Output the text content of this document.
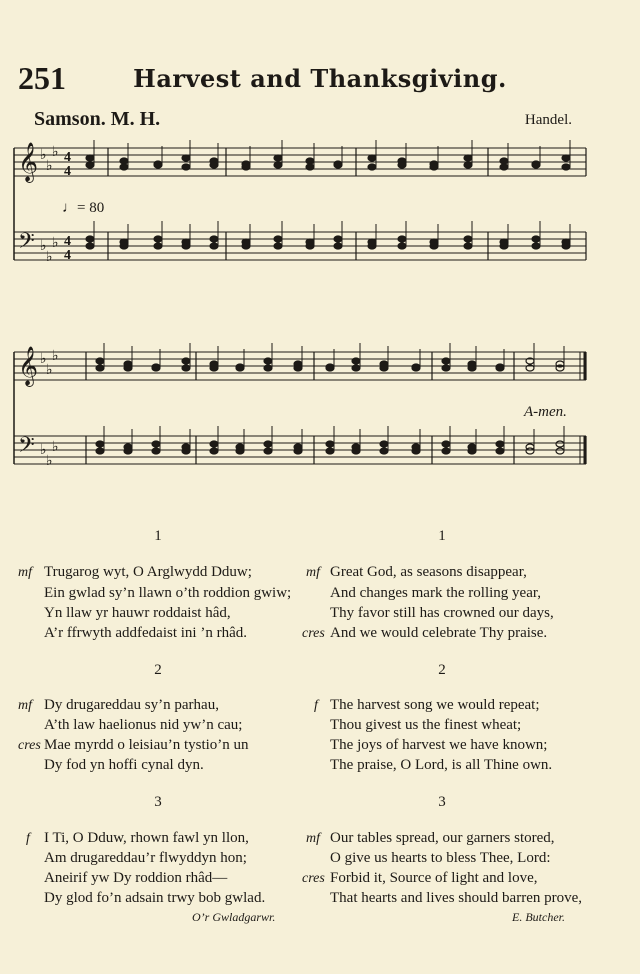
251	Harvest and Thanksgiving.
Samson. M. H.	Handel.
𝄞 ♭
♭
♭
𝄢 ♭
♭
♭
𝄞 ♭
♭
♭
𝄢 ♭
♭
♭
4
4
4
4
♩= 80
A-men.
1
mf Trugarog wyt, O Arglwydd Dduw;
Ein gwlad sy’n llawn o’th roddion gwiw;
Yn llaw yr hauwr roddaist hâd,
A’r ffrwyth addfedaist ini ’n rhâd.
2
mf Dy drugareddau sy’n parhau,
A’th law haelionus nid yw’n cau;
cres Mae myrdd o leisiau’n tystio’n un
Dy fod yn hoffi cynal dyn.
3
f I Ti, O Dduw, rhown fawl yn llon,
Am drugareddau’r flwyddyn hon;
Aneirif yw Dy roddion rhâd—
Dy glod fo’n adsain trwy bob gwlad.
O’r Gwladgarwr.
1
mf Great God, as seasons disappear,
And changes mark the rolling year,
Thy favor still has crowned our days,
cres And we would celebrate Thy praise.
2
f The harvest song we would repeat;
Thou givest us the finest wheat;
The joys of harvest we have known;
The praise, O Lord, is all Thine own.
3
mf Our tables spread, our garners stored,
O give us hearts to bless Thee, Lord:
cres Forbid it, Source of light and love,
That hearts and lives should barren prove,
E. Butcher.
